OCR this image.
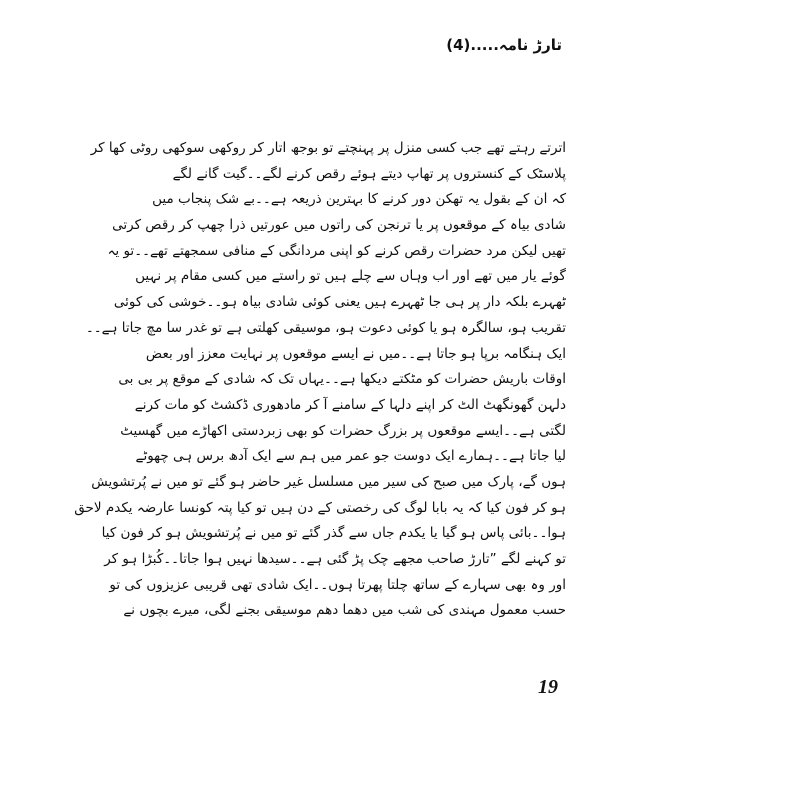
تارڑ نامہ.....(4)
اترتے رہتے تھے جب کسی منزل پر پہنچتے تو بوجھ اتار کر روکھی سوکھی روٹی کھا کر
پلاسٹک کے کنستروں پر تھاپ دیتے ہوئے رقص کرنے لگے۔۔گیت گانے لگے
کہ ان کے بقول یہ تھکن دور کرنے کا بہترین ذریعہ ہے۔۔بے شک پنجاب میں
شادی بیاہ کے موقعوں پر یا ترنجن کی راتوں میں عورتیں ذرا چھپ کر رقص کرتی
تھیں لیکن مرد حضرات رقص کرنے کو اپنی مردانگی کے منافی سمجھتے تھے۔۔تو یہ
گوئے یار میں تھے اور اب وہاں سے چلے ہیں تو راستے میں کسی مقام پر نہیں
ٹھہرے بلکہ دار پر ہی جا ٹھہرے ہیں یعنی کوئی شادی بیاہ ہو۔۔خوشی کی کوئی
تقریب ہو، سالگرہ ہو یا کوئی دعوت ہو، موسیقی کھلتی ہے تو غدر سا مچ جاتا ہے۔۔
ایک ہنگامہ برپا ہو جاتا ہے۔۔میں نے ایسے موقعوں پر نہایت معزز اور بعض
اوقات باریش حضرات کو مٹکتے دیکھا ہے۔۔یہاں تک کہ شادی کے موقع پر بی بی
دلہن گھونگھٹ الٹ کر اپنے دلہا کے سامنے آ کر مادھوری ڈکشٹ کو مات کرنے
لگتی ہے۔۔ایسے موقعوں پر بزرگ حضرات کو بھی زبردستی اکھاڑے میں گھسیٹ
لیا جاتا ہے۔۔ہمارے ایک دوست جو عمر میں ہم سے ایک آدھ برس ہی چھوٹے
ہوں گے، پارک میں صبح کی سیر میں مسلسل غیر حاضر ہو گئے تو میں نے پُرتشویش
ہو کر فون کیا کہ یہ بابا لوگ کی رخصتی کے دن ہیں تو کیا پتہ کونسا عارضہ یکدم لاحق
ہوا۔۔بائی پاس ہو گیا یا یکدم جاں سے گذر گئے تو میں نے پُرتشویش ہو کر فون کیا
تو کہنے لگے ”تارڑ صاحب مجھے چک پڑ گئی ہے۔۔سیدھا نہیں ہوا جاتا۔۔کُبڑا ہو کر
اور وہ بھی سہارے کے ساتھ چلتا پھرتا ہوں۔۔ایک شادی تھی قریبی عزیزوں کی تو
حسب معمول مہندی کی شب میں دھما دھم موسیقی بجنے لگی، میرے بچوں نے
19
